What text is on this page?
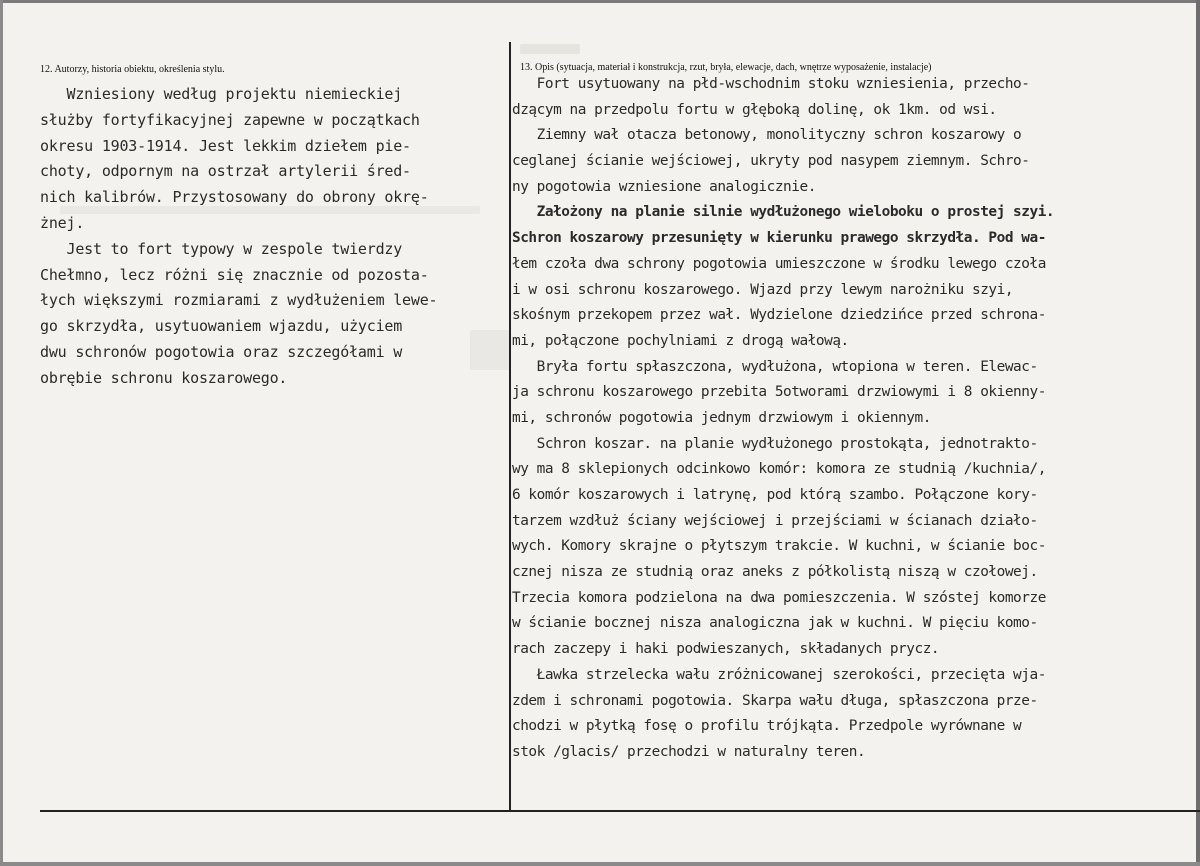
12. Autorzy, historia obiektu, określenia stylu.	13. Opis (sytuacja, materiał i konstrukcja, rzut, bryła, elewacje, dach, wnętrze wyposażenie, instalacje)
Wzniesiony według projektu niemieckiej
służby fortyfikacyjnej zapewne w początkach
okresu 1903-1914. Jest lekkim dziełem pie-
choty, odpornym na ostrzał artylerii śred-
nich kalibrów. Przystosowany do obrony okrę-
żnej.
Jest to fort typowy w zespole twierdzy
Chełmno, lecz różni się znacznie od pozosta-
łych większymi rozmiarami z wydłużeniem lewe-
go skrzydła, usytuowaniem wjazdu, użyciem
dwu schronów pogotowia oraz szczegółami w
obrębie schronu koszarowego.
Fort usytuowany na płd-wschodnim stoku wzniesienia, przecho-
dzącym na przedpolu fortu w głęboką dolinę, ok 1km. od wsi.
Ziemny wał otacza betonowy, monolityczny schron koszarowy o
ceglanej ścianie wejściowej, ukryty pod nasypem ziemnym. Schro-
ny pogotowia wzniesione analogicznie.
Założony na planie silnie wydłużonego wieloboku o prostej szyi.
Schron koszarowy przesunięty w kierunku prawego skrzydła. Pod wa-
łem czoła dwa schrony pogotowia umieszczone w środku lewego czoła
i w osi schronu koszarowego. Wjazd przy lewym narożniku szyi,
skośnym przekopem przez wał. Wydzielone dziedzińce przed schrona-
mi, połączone pochylniami z drogą wałową.
Bryła fortu spłaszczona, wydłużona, wtopiona w teren. Elewac-
ja schronu koszarowego przebita 5otworami drzwiowymi i 8 okienny-
mi, schronów pogotowia jednym drzwiowym i okiennym.
Schron koszar. na planie wydłużonego prostokąta, jednotrakto-
wy ma 8 sklepionych odcinkowo komór: komora ze studnią /kuchnia/,
6 komór koszarowych i latrynę, pod którą szambo. Połączone kory-
tarzem wzdłuż ściany wejściowej i przejściami w ścianach działo-
wych. Komory skrajne o płytszym trakcie. W kuchni, w ścianie boc-
cznej nisza ze studnią oraz aneks z półkolistą niszą w czołowej.
Trzecia komora podzielona na dwa pomieszczenia. W szóstej komorze
w ścianie bocznej nisza analogiczna jak w kuchni. W pięciu komo-
rach zaczepy i haki podwieszanych, składanych prycz.
Ławka strzelecka wału zróżnicowanej szerokości, przecięta wja-
zdem i schronami pogotowia. Skarpa wału długa, spłaszczona prze-
chodzi w płytką fosę o profilu trójkąta. Przedpole wyrównane w
stok /glacis/ przechodzi w naturalny teren.
